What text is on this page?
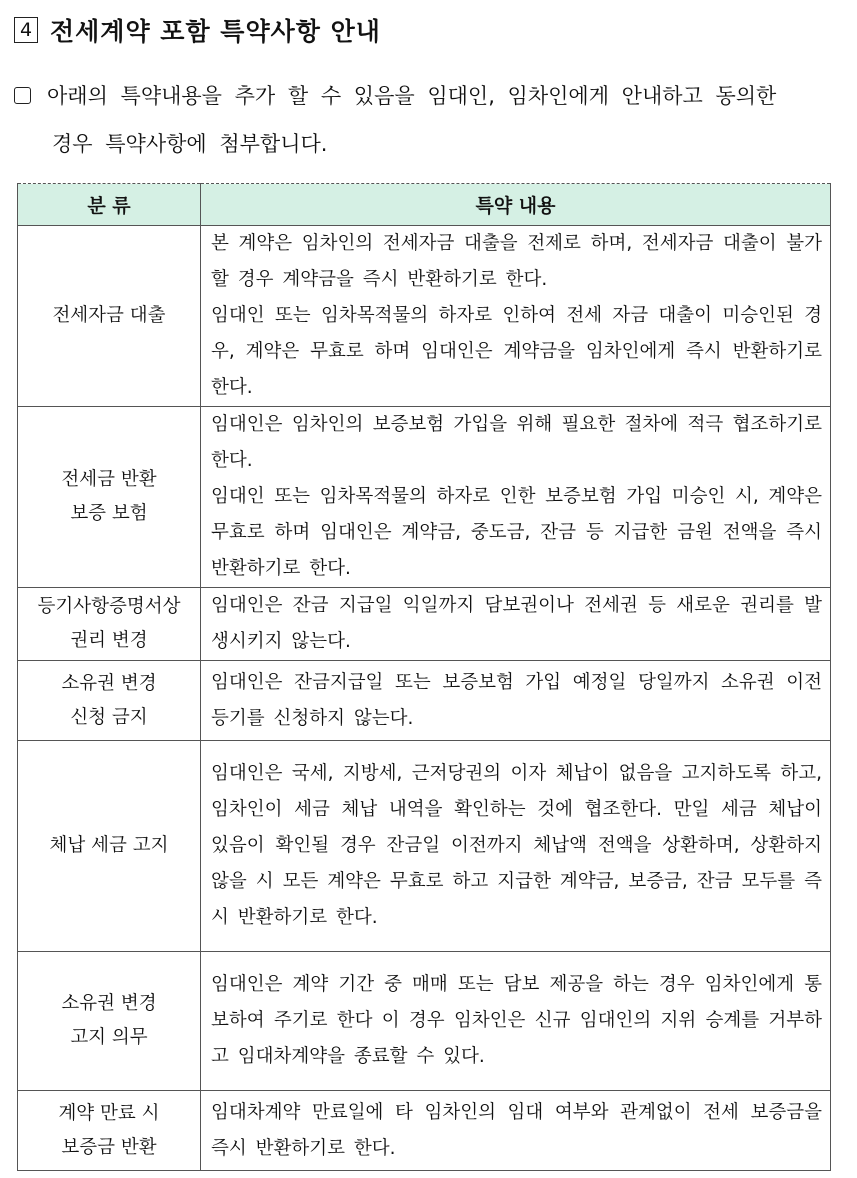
4 전세계약 포함 특약사항 안내
아래의 특약내용을 추가 할 수 있음을 임대인, 임차인에게 안내하고 동의한
경우 특약사항에 첨부합니다.
분 류	특약 내용

전세자금 대출	본 계약은 임차인의 전세자금 대출을 전제로 하며, 전세자금 대출이 불가할 경우 계약금을 즉시 반환하기로 한다.
임대인 또는 임차목적물의 하자로 인하여 전세 자금 대출이 미승인된 경우, 계약은 무효로 하며 임대인은 계약금을 임차인에게 즉시 반환하기로 한다.

전세금 반환
보증 보험	임대인은 임차인의 보증보험 가입을 위해 필요한 절차에 적극 협조하기로 한다.
임대인 또는 임차목적물의 하자로 인한 보증보험 가입 미승인 시, 계약은 무효로 하며 임대인은 계약금, 중도금, 잔금 등 지급한 금원 전액을 즉시 반환하기로 한다.

등기사항증명서상
권리 변경	임대인은 잔금 지급일 익일까지 담보권이나 전세권 등 새로운 권리를 발생시키지 않는다.

소유권 변경
신청 금지	임대인은 잔금지급일 또는 보증보험 가입 예정일 당일까지 소유권 이전 등기를 신청하지 않는다.

체납 세금 고지	임대인은 국세, 지방세, 근저당권의 이자 체납이 없음을 고지하도록 하고, 임차인이 세금 체납 내역을 확인하는 것에 협조한다. 만일 세금 체납이 있음이 확인될 경우 잔금일 이전까지 체납액 전액을 상환하며, 상환하지 않을 시 모든 계약은 무효로 하고 지급한 계약금, 보증금, 잔금 모두를 즉시 반환하기로 한다.

소유권 변경
고지 의무	임대인은 계약 기간 중 매매 또는 담보 제공을 하는 경우 임차인에게 통보하여 주기로 한다 이 경우 임차인은 신규 임대인의 지위 승계를 거부하고 임대차계약을 종료할 수 있다.

계약 만료 시
보증금 반환	임대차계약 만료일에 타 임차인의 임대 여부와 관계없이 전세 보증금을 즉시 반환하기로 한다.
